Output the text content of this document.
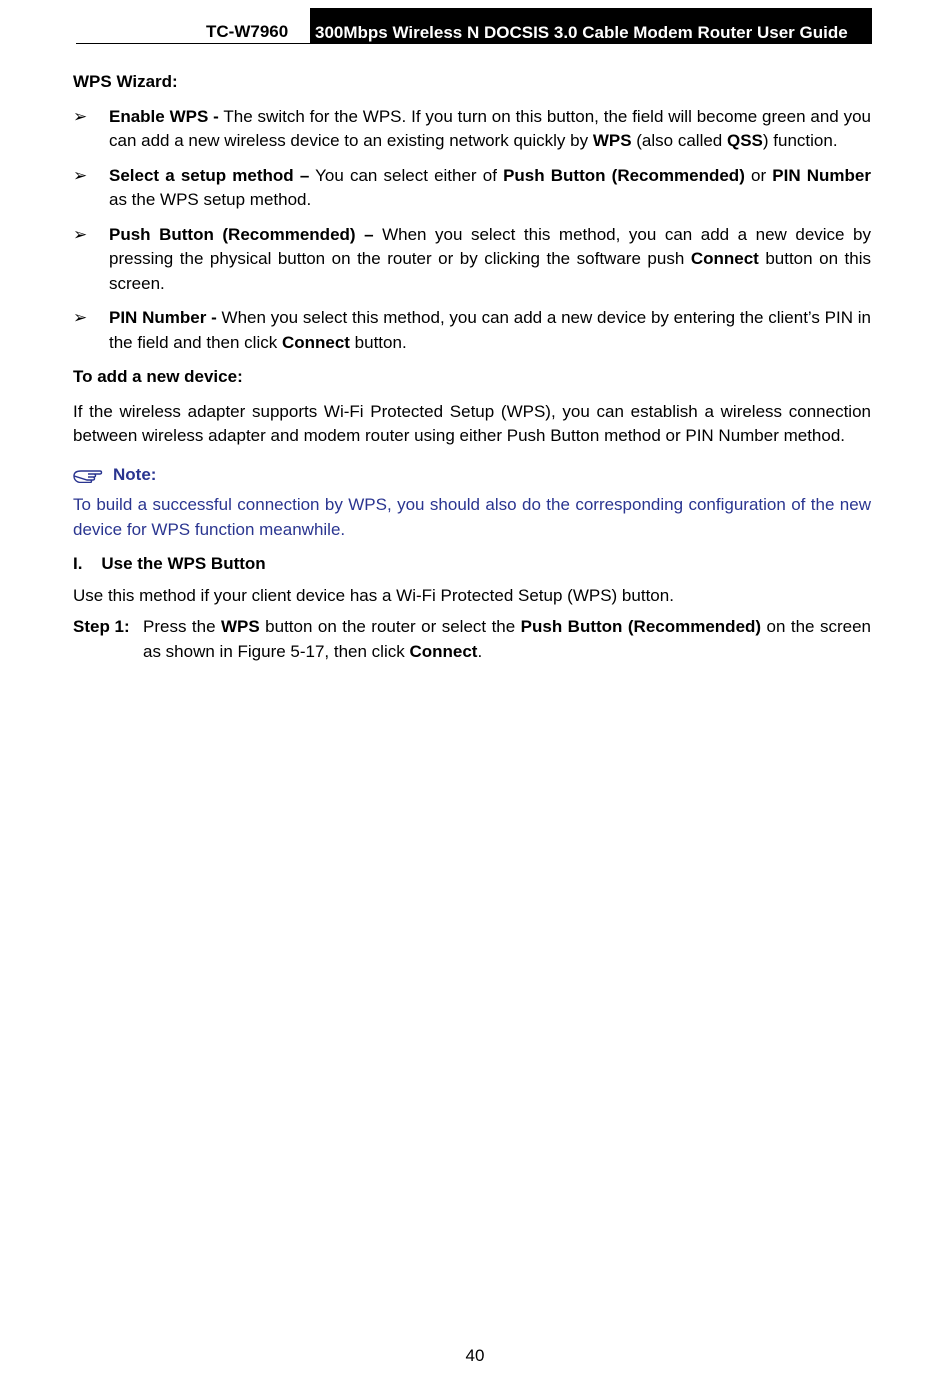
TC-W7960 300Mbps Wireless N DOCSIS 3.0 Cable Modem Router User Guide

WPS Wizard:

➢ Enable WPS - The switch for the WPS. If you turn on this button, the field will become green and you can add a new wireless device to an existing network quickly by WPS (also called QSS) function.
➢ Select a setup method – You can select either of Push Button (Recommended) or PIN Number as the WPS setup method.
➢ Push Button (Recommended) – When you select this method, you can add a new device by pressing the physical button on the router or by clicking the software push Connect button on this screen.
➢ PIN Number - When you select this method, you can add a new device by entering the client’s PIN in the field and then click Connect button.

To add a new device:

If the wireless adapter supports Wi-Fi Protected Setup (WPS), you can establish a wireless connection between wireless adapter and modem router using either Push Button method or PIN Number method.

Note:

To build a successful connection by WPS, you should also do the corresponding configuration of the new device for WPS function meanwhile.

I.    Use the WPS Button

Use this method if your client device has a Wi-Fi Protected Setup (WPS) button.

Step 1: Press the WPS button on the router or select the Push Button (Recommended) on the screen as shown in Figure 5-17, then click Connect.
40
